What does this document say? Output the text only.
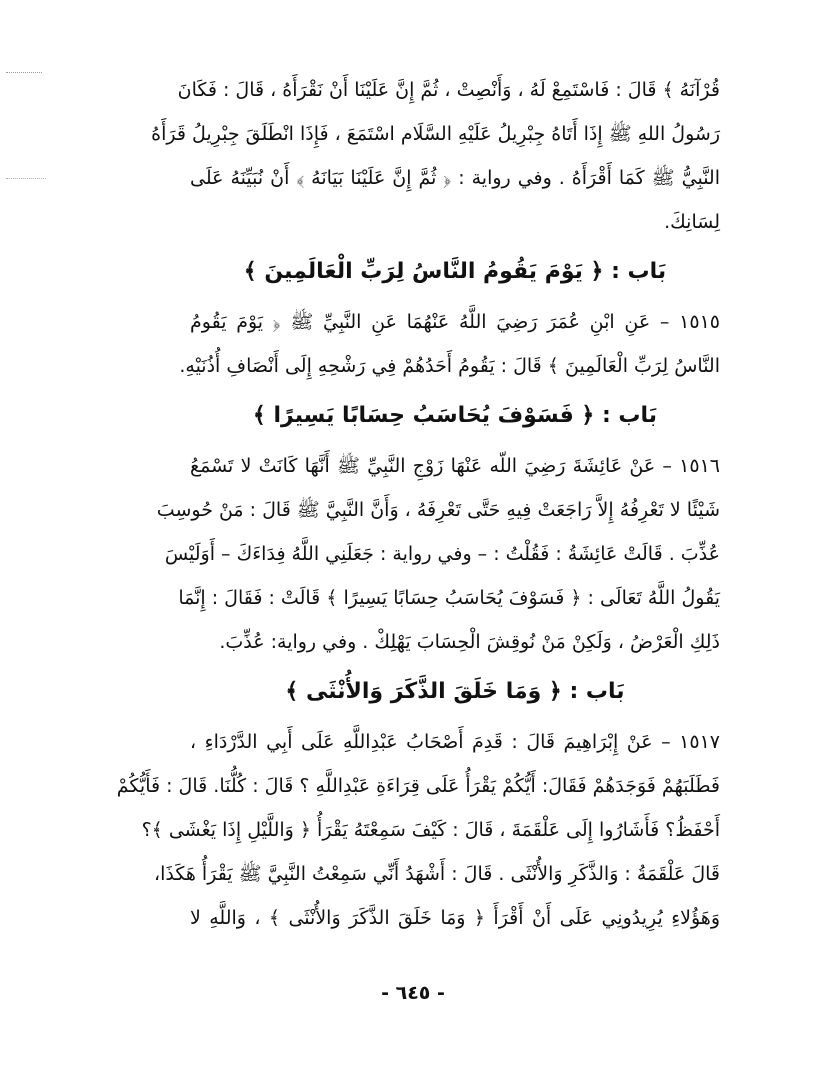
قُرْآنَهُ ﴾ قَالَ : فَاسْتَمِعْ لَهُ ، وَأَنْصِتْ ، ثُمَّ إِنَّ عَلَيْنَا أَنْ نَقْرَأَهُ ، قَالَ : فَكَانَ
رَسُولُ اللهِ ﷺ إِذَا أَتَاهُ جِبْرِيلُ عَلَيْهِ السَّلَام اسْتَمَعَ ، فَإِذَا انْطَلَقَ جِبْرِيلُ قَرَأَهُ
النَّبِيُّ ﷺ كَمَا أَقْرَأَهُ . وفي رواية : ﴿ ثُمَّ إِنَّ عَلَيْنَا بَيَانَهُ ﴾ أَنْ نُبَيِّنَهُ عَلَى
لِسَانِكَ.
بَاب : ﴿ يَوْمَ يَقُومُ النَّاسُ لِرَبِّ الْعَالَمِينَ ﴾
١٥١٥ – عَنِ ابْنِ عُمَرَ رَضِيَ اللَّهُ عَنْهُمَا عَنِ النَّبِيِّ ﷺ ﴿ يَوْمَ يَقُومُ
النَّاسُ لِرَبِّ الْعَالَمِينَ ﴾ قَالَ : يَقُومُ أَحَدُهُمْ فِي رَشْحِهِ إِلَى أَنْصَافِ أُذُنَيْهِ.
بَاب : ﴿ فَسَوْفَ يُحَاسَبُ حِسَابًا يَسِيرًا ﴾
١٥١٦ – عَنْ عَائِشَةَ رَضِيَ اللّه عَنْهَا زَوْجِ النَّبِيِّ ﷺ أَنَّهَا كَانَتْ لا تَسْمَعُ
شَيْئًا لا تَعْرِفُهُ إِلاَّ رَاجَعَتْ فِيهِ حَتَّى تَعْرِفَهُ ، وَأَنَّ النَّبِيَّ ﷺ قَالَ : مَنْ حُوسِبَ
عُذِّبَ . قَالَتْ عَائِشَةُ : فَقُلْتُ : – وفي رواية : جَعَلَنِي اللَّهُ فِدَاءَكَ – أَوَلَيْسَ
يَقُولُ اللَّهُ تَعَالَى : ﴿ فَسَوْفَ يُحَاسَبُ حِسَابًا يَسِيرًا ﴾ قَالَتْ : فَقَالَ : إِنَّمَا
ذَلِكِ الْعَرْضُ ، وَلَكِنْ مَنْ نُوقِشَ الْحِسَابَ يَهْلِكْ . وفي رواية: عُذِّبَ.
بَاب : ﴿ وَمَا خَلَقَ الذَّكَرَ وَالأُنْثَى ﴾
١٥١٧ – عَنْ إِبْرَاهِيمَ قَالَ : قَدِمَ أَصْحَابُ عَبْدِاللَّهِ عَلَى أَبِي الدَّرْدَاءِ ،
فَطَلَبَهُمْ فَوَجَدَهُمْ فَقَالَ: أَيُّكُمْ يَقْرَأُ عَلَى قِرَاءَةِ عَبْدِاللَّهِ ؟ قَالَ : كُلُّنَا. قَالَ : فَأَيُّكُمْ
أَحْفَظُ؟ فَأَشَارُوا إِلَى عَلْقَمَةَ ، قَالَ : كَيْفَ سَمِعْتَهُ يَقْرَأُ ﴿ وَاللَّيْلِ إِذَا يَغْشَى ﴾؟
قَالَ عَلْقَمَةُ : وَالذَّكَرِ وَالأُنْثَى . قَالَ : أَشْهَدُ أَنِّي سَمِعْتُ النَّبِيَّ ﷺ يَقْرَأُ هَكَذَا،
وَهَؤُلاءِ يُرِيدُونِي عَلَى أَنْ أَقْرَأَ ﴿ وَمَا خَلَقَ الذَّكَرَ وَالأُنْثَى ﴾ ، وَاللَّهِ لا
- ٦٤٥ -
